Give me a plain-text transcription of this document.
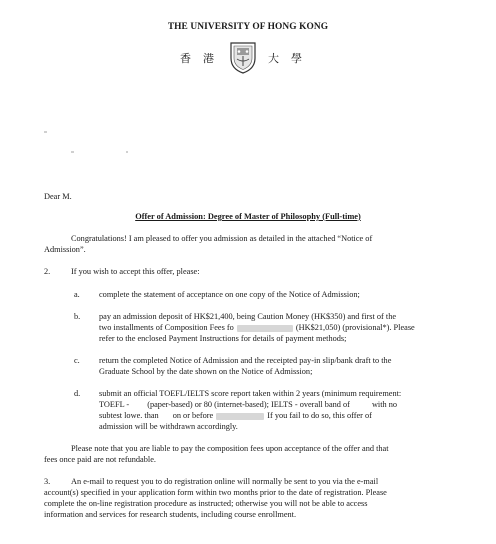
THE UNIVERSITY OF HONG KONG
香 港	大 學
Dear M.
Offer of Admission: Degree of Master of Philosophy (Full-time)
Congratulations! I am pleased to offer you admission as detailed in the attached “Notice of
Admission”.
2.	If you wish to accept this offer, please:
a. complete the statement of acceptance on one copy of the Notice of Admission;
b. pay an admission deposit of HK$21,400, being Caution Money (HK$350) and first of the
two installments of Composition Fees fo	(HK$21,050) (provisional*). Please
refer to the enclosed Payment Instructions for details of payment methods;
c. return the completed Notice of Admission and the receipted pay-in slip/bank draft to the
Graduate School by the date shown on the Notice of Admission;
d. submit an official TOEFL/IELTS score report taken within 2 years (minimum requirement:
TOEFL - (paper-based) or 80 (internet-based); IELTS - overall band of	with no
subtest lowe. than on or before	If you fail to do so, this offer of
admission will be withdrawn accordingly.
Please note that you are liable to pay the composition fees upon acceptance of the offer and that
fees once paid are not refundable.
3.	An e-mail to request you to do registration online will normally be sent to you via the e-mail
account(s) specified in your application form within two months prior to the date of registration. Please
complete the on-line registration procedure as instructed; otherwise you will not be able to access
information and services for research students, including course enrollment.
